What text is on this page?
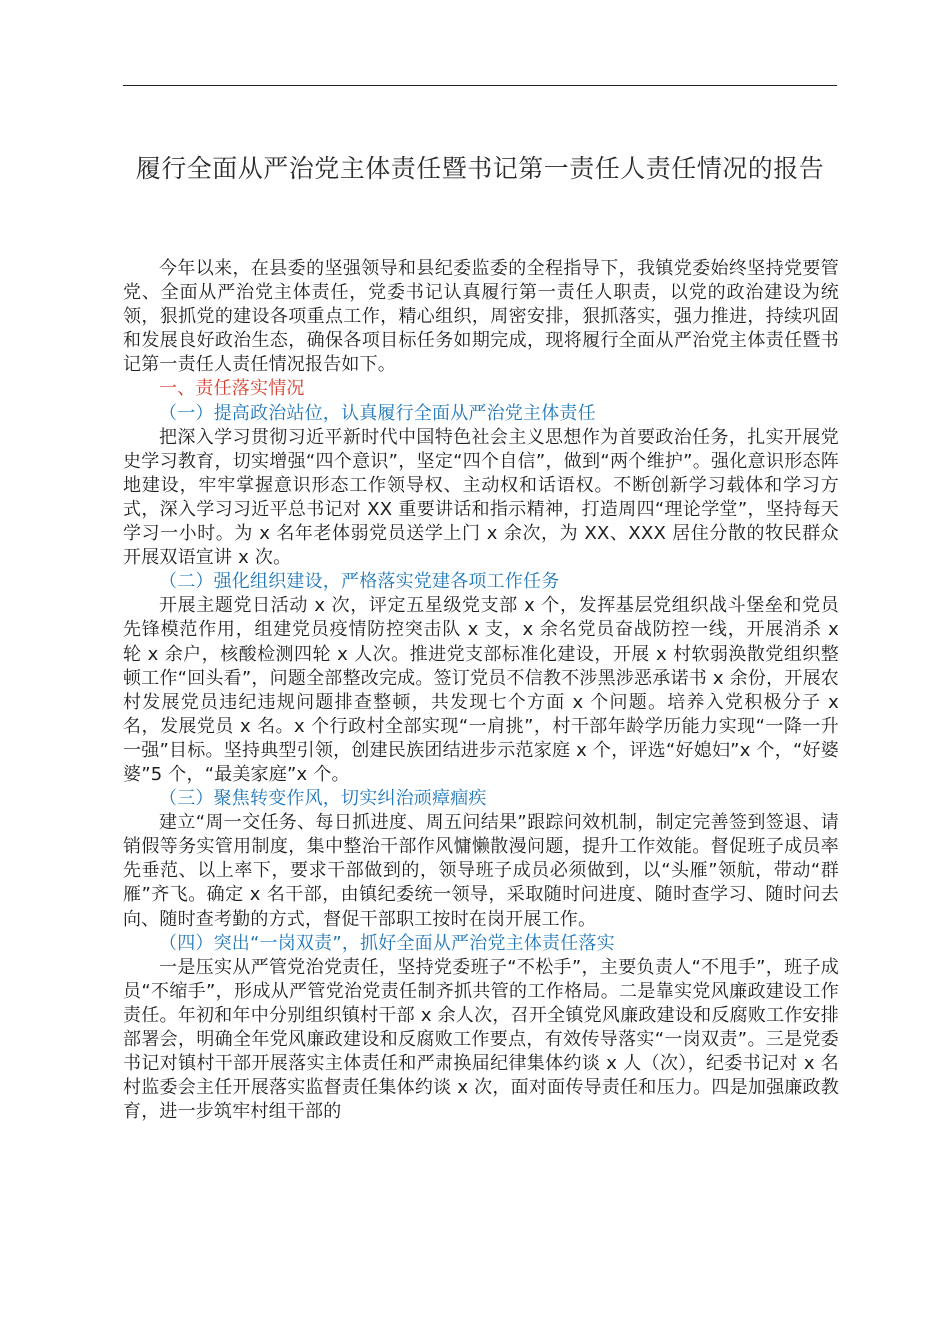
履行全面从严治党主体责任暨书记第一责任人责任情况的报告

今年以来，在县委的坚强领导和县纪委监委的全程指导下，我镇党委始终坚持党要管党、全面从严治党主体责任，党委书记认真履行第一责任人职责，以党的政治建设为统领，狠抓党的建设各项重点工作，精心组织，周密安排，狠抓落实，强力推进，持续巩固和发展良好政治生态，确保各项目标任务如期完成，现将履行全面从严治党主体责任暨书记第一责任人责任情况报告如下。

一、责任落实情况

（一）提高政治站位，认真履行全面从严治党主体责任

把深入学习贯彻习近平新时代中国特色社会主义思想作为首要政治任务，扎实开展党史学习教育，切实增强“四个意识”，坚定“四个自信”，做到“两个维护”。强化意识形态阵地建设，牢牢掌握意识形态工作领导权、主动权和话语权。不断创新学习载体和学习方式，深入学习习近平总书记对 XX 重要讲话和指示精神，打造周四“理论学堂”，坚持每天学习一小时。为 x 名年老体弱党员送学上门 x 余次，为 XX、XXX 居住分散的牧民群众开展双语宣讲 x 次。

（二）强化组织建设，严格落实党建各项工作任务

开展主题党日活动 x 次，评定五星级党支部 x 个，发挥基层党组织战斗堡垒和党员先锋模范作用，组建党员疫情防控突击队 x 支，x 余名党员奋战防控一线，开展消杀 x 轮 x 余户，核酸检测四轮 x 人次。推进党支部标准化建设，开展 x 村软弱涣散党组织整顿工作“回头看”，问题全部整改完成。签订党员不信教不涉黑涉恶承诺书 x 余份，开展农村发展党员违纪违规问题排查整顿，共发现七个方面 x 个问题。培养入党积极分子 x 名，发展党员 x 名。x 个行政村全部实现“一肩挑”，村干部年龄学历能力实现“一降一升一强”目标。坚持典型引领，创建民族团结进步示范家庭 x 个，评选“好媳妇”x 个，“好婆婆”5 个，“最美家庭”x 个。

（三）聚焦转变作风，切实纠治顽瘴痼疾

建立“周一交任务、每日抓进度、周五问结果”跟踪问效机制，制定完善签到签退、请销假等务实管用制度，集中整治干部作风慵懒散漫问题，提升工作效能。督促班子成员率先垂范、以上率下，要求干部做到的，领导班子成员必须做到，以“头雁”领航，带动“群雁”齐飞。确定 x 名干部，由镇纪委统一领导，采取随时问进度、随时查学习、随时问去向、随时查考勤的方式，督促干部职工按时在岗开展工作。

（四）突出“一岗双责”，抓好全面从严治党主体责任落实

一是压实从严管党治党责任，坚持党委班子“不松手”，主要负责人“不甩手”，班子成员“不缩手”，形成从严管党治党责任制齐抓共管的工作格局。二是靠实党风廉政建设工作责任。年初和年中分别组织镇村干部 x 余人次，召开全镇党风廉政建设和反腐败工作安排部署会，明确全年党风廉政建设和反腐败工作要点，有效传导落实“一岗双责”。三是党委书记对镇村干部开展落实主体责任和严肃换届纪律集体约谈 x 人（次），纪委书记对 x 名村监委会主任开展落实监督责任集体约谈 x 次，面对面传导责任和压力。四是加强廉政教育，进一步筑牢村组干部的
